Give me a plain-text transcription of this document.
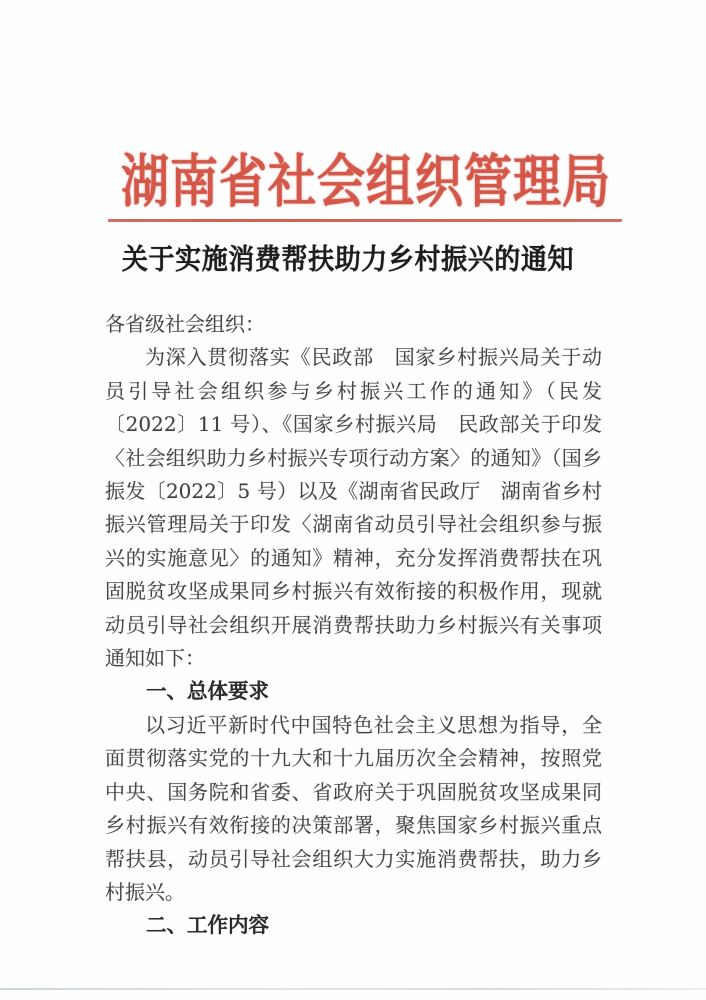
湖南省社会组织管理局
关于实施消费帮扶助力乡村振兴的通知

各省级社会组织：

为深入贯彻落实《民政部　国家乡村振兴局关于动员引导社会组织参与乡村振兴工作的通知》（民发〔2022〕11 号）、《国家乡村振兴局　民政部关于印发〈社会组织助力乡村振兴专项行动方案〉的通知》（国乡振发〔2022〕5 号）以及《湖南省民政厅　湖南省乡村振兴管理局关于印发〈湖南省动员引导社会组织参与振兴的实施意见〉的通知》精神，充分发挥消费帮扶在巩固脱贫攻坚成果同乡村振兴有效衔接的积极作用，现就动员引导社会组织开展消费帮扶助力乡村振兴有关事项通知如下：

一、总体要求

以习近平新时代中国特色社会主义思想为指导，全面贯彻落实党的十九大和十九届历次全会精神，按照党中央、国务院和省委、省政府关于巩固脱贫攻坚成果同乡村振兴有效衔接的决策部署，聚焦国家乡村振兴重点帮扶县，动员引导社会组织大力实施消费帮扶，助力乡村振兴。

二、工作内容
